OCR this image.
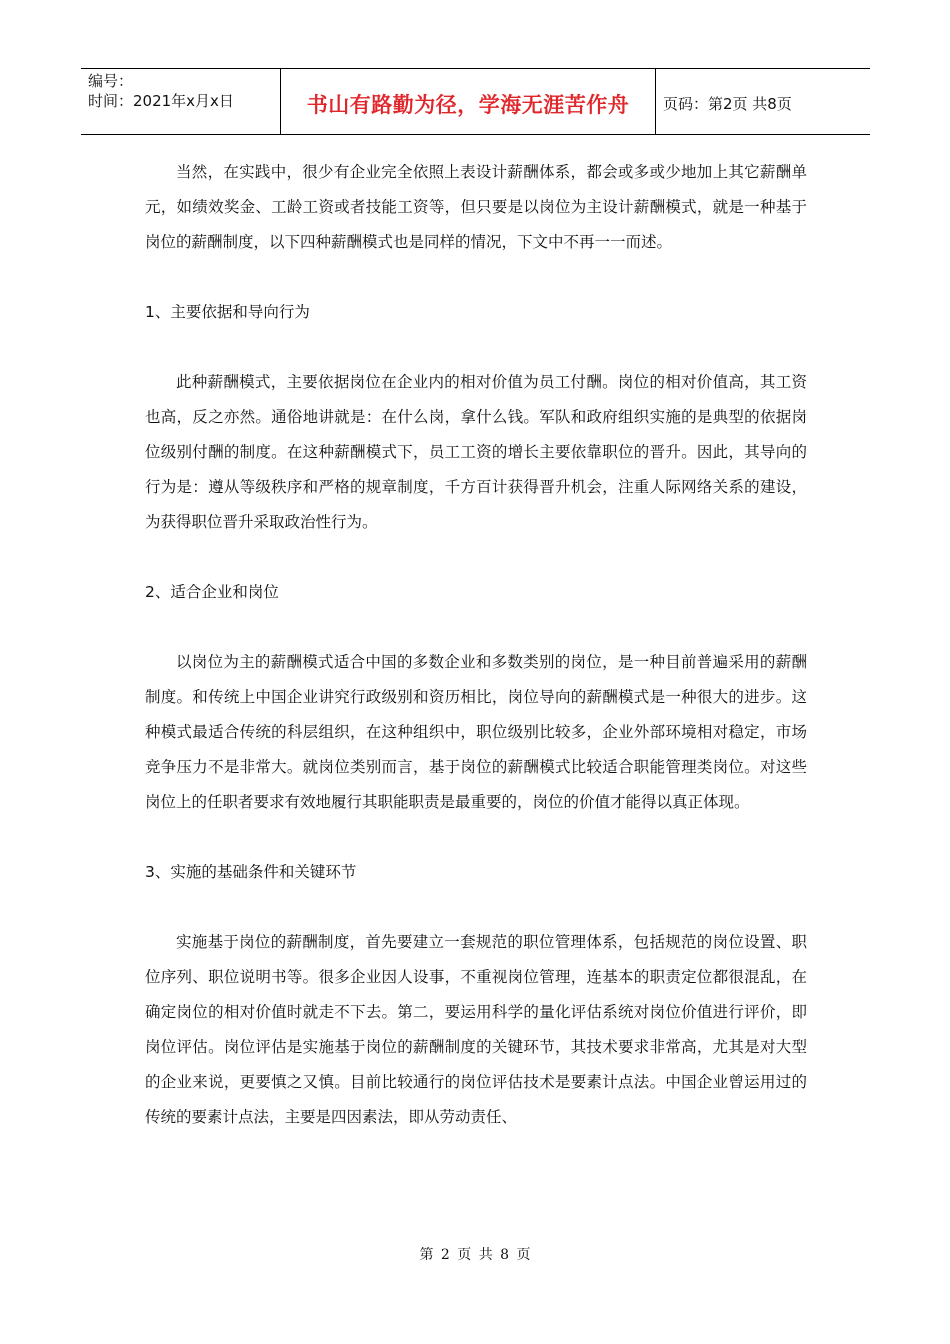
编号：
时间：2021年x月x日	书山有路勤为径，学海无涯苦作舟 页码：第2页 共8页

当然，在实践中，很少有企业完全依照上表设计薪酬体系，都会或多或少地加上其它薪酬单元，如绩效奖金、工龄工资或者技能工资等，但只要是以岗位为主设计薪酬模式，就是一种基于岗位的薪酬制度，以下四种薪酬模式也是同样的情况，下文中不再一一而述。

1、主要依据和导向行为

此种薪酬模式，主要依据岗位在企业内的相对价值为员工付酬。岗位的相对价值高，其工资也高，反之亦然。通俗地讲就是：在什么岗，拿什么钱。军队和政府组织实施的是典型的依据岗位级别付酬的制度。在这种薪酬模式下，员工工资的增长主要依靠职位的晋升。因此，其导向的行为是：遵从等级秩序和严格的规章制度，千方百计获得晋升机会，注重人际网络关系的建设，为获得职位晋升采取政治性行为。

2、适合企业和岗位

以岗位为主的薪酬模式适合中国的多数企业和多数类别的岗位，是一种目前普遍采用的薪酬制度。和传统上中国企业讲究行政级别和资历相比，岗位导向的薪酬模式是一种很大的进步。这种模式最适合传统的科层组织，在这种组织中，职位级别比较多，企业外部环境相对稳定，市场竞争压力不是非常大。就岗位类别而言，基于岗位的薪酬模式比较适合职能管理类岗位。对这些岗位上的任职者要求有效地履行其职能职责是最重要的，岗位的价值才能得以真正体现。

3、实施的基础条件和关键环节

实施基于岗位的薪酬制度，首先要建立一套规范的职位管理体系，包括规范的岗位设置、职位序列、职位说明书等。很多企业因人设事，不重视岗位管理，连基本的职责定位都很混乱，在确定岗位的相对价值时就走不下去。第二，要运用科学的量化评估系统对岗位价值进行评价，即岗位评估。岗位评估是实施基于岗位的薪酬制度的关键环节，其技术要求非常高，尤其是对大型的企业来说，更要慎之又慎。目前比较通行的岗位评估技术是要素计点法。中国企业曾运用过的传统的要素计点法，主要是四因素法，即从劳动责任、

第 2 页 共 8 页
